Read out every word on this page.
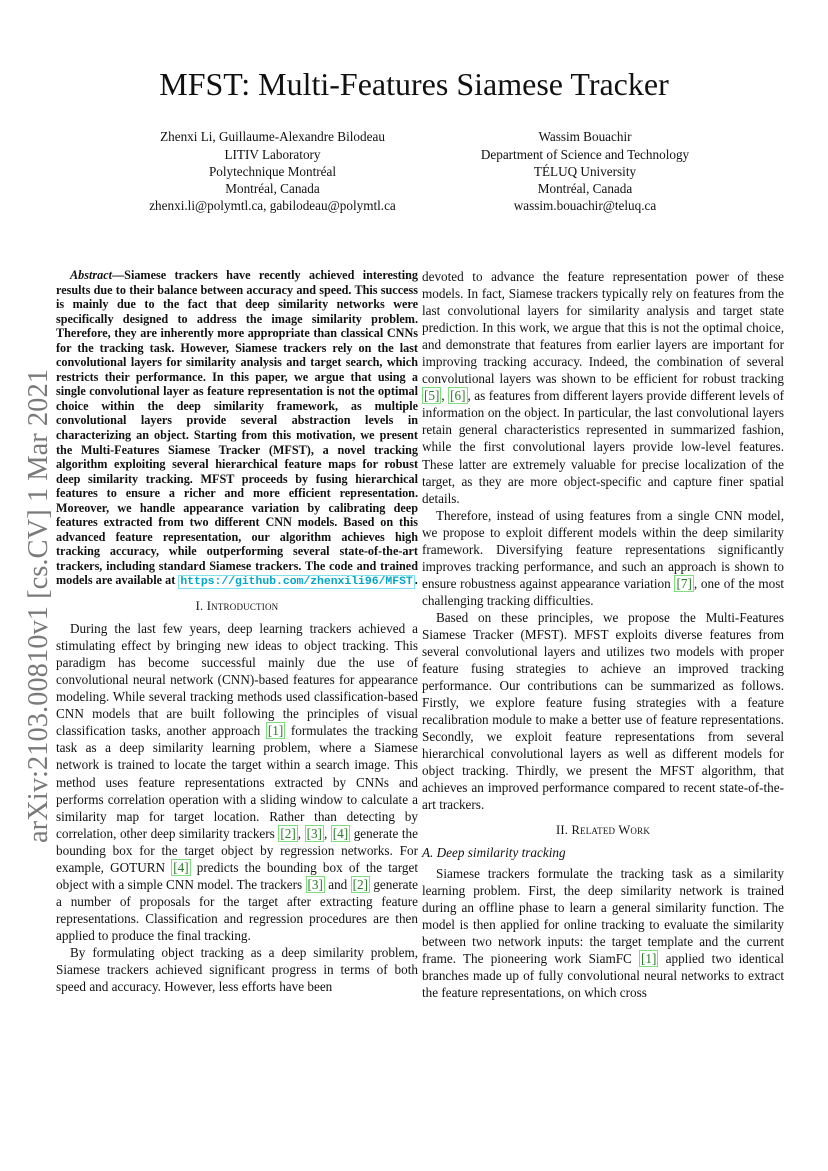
arXiv:2103.00810v1 [cs.CV] 1 Mar 2021
MFST: Multi-Features Siamese Tracker
Zhenxi Li, Guillaume-Alexandre Bilodeau
LITIV Laboratory
Polytechnique Montréal
Montréal, Canada
zhenxi.li@polymtl.ca, gabilodeau@polymtl.ca
Wassim Bouachir
Department of Science and Technology
TÉLUQ University
Montréal, Canada
wassim.bouachir@teluq.ca

Abstract—Siamese trackers have recently achieved interesting results due to their balance between accuracy and speed. This success is mainly due to the fact that deep similarity networks were specifically designed to address the image similarity problem. Therefore, they are inherently more appropriate than classical CNNs for the tracking task. However, Siamese trackers rely on the last convolutional layers for similarity analysis and target search, which restricts their performance. In this paper, we argue that using a single convolutional layer as feature representation is not the optimal choice within the deep similarity framework, as multiple convolutional layers provide several abstraction levels in characterizing an object. Starting from this motivation, we present the Multi-Features Siamese Tracker (MFST), a novel tracking algorithm exploiting several hierarchical feature maps for robust deep similarity tracking. MFST proceeds by fusing hierarchical features to ensure a richer and more efficient representation. Moreover, we handle appearance variation by calibrating deep features extracted from two different CNN models. Based on this advanced feature representation, our algorithm achieves high tracking accuracy, while outperforming several state-of-the-art trackers, including standard Siamese trackers. The code and trained models are available at https://github.com/zhenxili96/MFST .

I. Introduction

During the last few years, deep learning trackers achieved a stimulating effect by bringing new ideas to object tracking. This paradigm has become successful mainly due the use of convolutional neural network (CNN)-based features for appearance modeling. While several tracking methods used classification-based CNN models that are built following the principles of visual classification tasks, another approach [1] formulates the tracking task as a deep similarity learning problem, where a Siamese network is trained to locate the target within a search image. This method uses feature representations extracted by CNNs and performs correlation operation with a sliding window to calculate a similarity map for target location. Rather than detecting by correlation, other deep similarity trackers [2] , [3] , [4] generate the bounding box for the target object by regression networks. For example, GOTURN [4] predicts the bounding box of the target object with a simple CNN model. The trackers [3] and [2] generate a number of proposals for the target after extracting feature representations. Classification and regression procedures are then applied to produce the final tracking.

By formulating object tracking as a deep similarity problem, Siamese trackers achieved significant progress in terms of both speed and accuracy. However, less efforts have been

devoted to advance the feature representation power of these models. In fact, Siamese trackers typically rely on features from the last convolutional layers for similarity analysis and target state prediction. In this work, we argue that this is not the optimal choice, and demonstrate that features from earlier layers are important for improving tracking accuracy. Indeed, the combination of several convolutional layers was shown to be efficient for robust tracking [5] , [6] , as features from different layers provide different levels of information on the object. In particular, the last convolutional layers retain general characteristics represented in summarized fashion, while the first convolutional layers provide low-level features. These latter are extremely valuable for precise localization of the target, as they are more object-specific and capture finer spatial details.

Therefore, instead of using features from a single CNN model, we propose to exploit different models within the deep similarity framework. Diversifying feature representations significantly improves tracking performance, and such an approach is shown to ensure robustness against appearance variation [7] , one of the most challenging tracking difficulties.

Based on these principles, we propose the Multi-Features Siamese Tracker (MFST). MFST exploits diverse features from several convolutional layers and utilizes two models with proper feature fusing strategies to achieve an improved tracking performance. Our contributions can be summarized as follows. Firstly, we explore feature fusing strategies with a feature recalibration module to make a better use of feature representations. Secondly, we exploit feature representations from several hierarchical convolutional layers as well as different models for object tracking. Thirdly, we present the MFST algorithm, that achieves an improved performance compared to recent state-of-the-art trackers.

II. Related Work
A. Deep similarity tracking

Siamese trackers formulate the tracking task as a similarity learning problem. First, the deep similarity network is trained during an offline phase to learn a general similarity function. The model is then applied for online tracking to evaluate the similarity between two network inputs: the target template and the current frame. The pioneering work SiamFC [1] applied two identical branches made up of fully convolutional neural networks to extract the feature representations, on which cross
